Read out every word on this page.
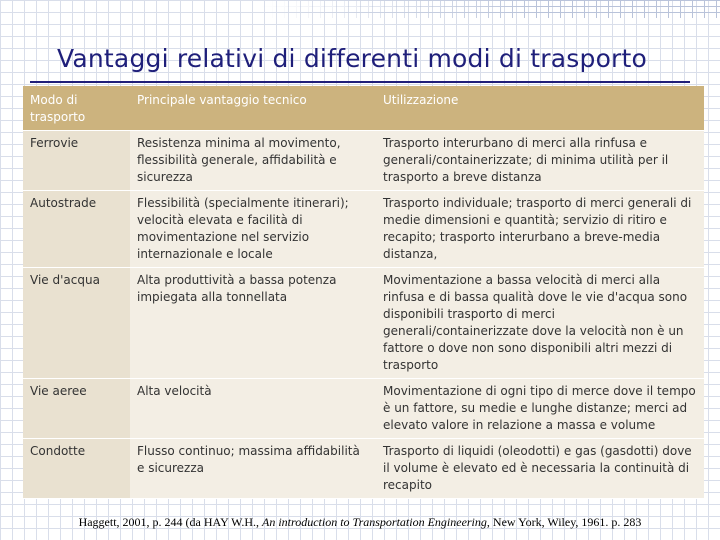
Vantaggi relativi di differenti modi di trasporto
Modo di trasporto	Principale vantaggio tecnico	Utilizzazione
Ferrovie	Resistenza minima al movimento, flessibilità generale, affidabilità e sicurezza	Trasporto interurbano di merci alla rinfusa e generali/containerizzate; di minima utilità per il trasporto a breve distanza
Autostrade	Flessibilità (specialmente itinerari); velocità elevata e facilità di movimentazione nel servizio internazionale e locale	Trasporto individuale; trasporto di merci generali di medie dimensioni e quantità; servizio di ritiro e recapito; trasporto interurbano a breve-media distanza,
Vie d'acqua	Alta produttività a bassa potenza impiegata alla tonnellata	Movimentazione a bassa velocità di merci alla rinfusa e di bassa qualità dove le vie d'acqua sono disponibili trasporto di merci generali/containerizzate dove la velocità non è un fattore o dove non sono disponibili altri mezzi di trasporto
Vie aeree	Alta velocità	Movimentazione di ogni tipo di merce dove il tempo è un fattore, su medie e lunghe distanze; merci ad elevato valore in relazione a massa e volume
Condotte	Flusso continuo; massima affidabilità e sicurezza	Trasporto di liquidi (oleodotti) e gas (gasdotti) dove il volume è elevato ed è necessaria la continuità di recapito
Haggett, 2001, p. 244 (da HAY W.H., An introduction to Transportation Engineering, New York, Wiley, 1961. p. 283
